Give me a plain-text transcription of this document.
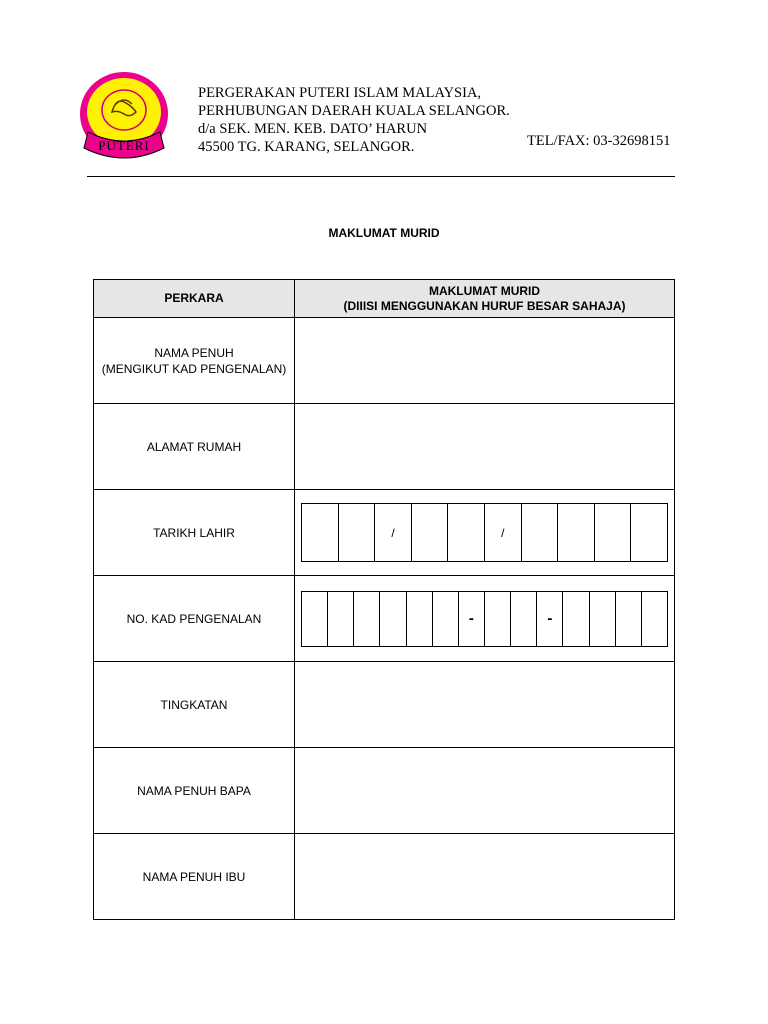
PUTERI
PERGERAKAN PUTERI ISLAM MALAYSIA,
PERHUBUNGAN DAERAH KUALA SELANGOR.
d/a SEK. MEN. KEB. DATO’ HARUN
45500 TG. KARANG, SELANGOR.	TEL/FAX: 03-32698151
MAKLUMAT MURID
PERKARA	MAKLUMAT MURID
(DIIISI MENGGUNAKAN HURUF BESAR SAHAJA)

NAMA PENUH
(MENGIKUT KAD PENGENALAN)	

ALAMAT RUMAH	
TARIKH LAHIR	/ /

NO. KAD PENGENALAN	- -

TINGKATAN	
NAMA PENUH BAPA	
NAMA PENUH IBU	
